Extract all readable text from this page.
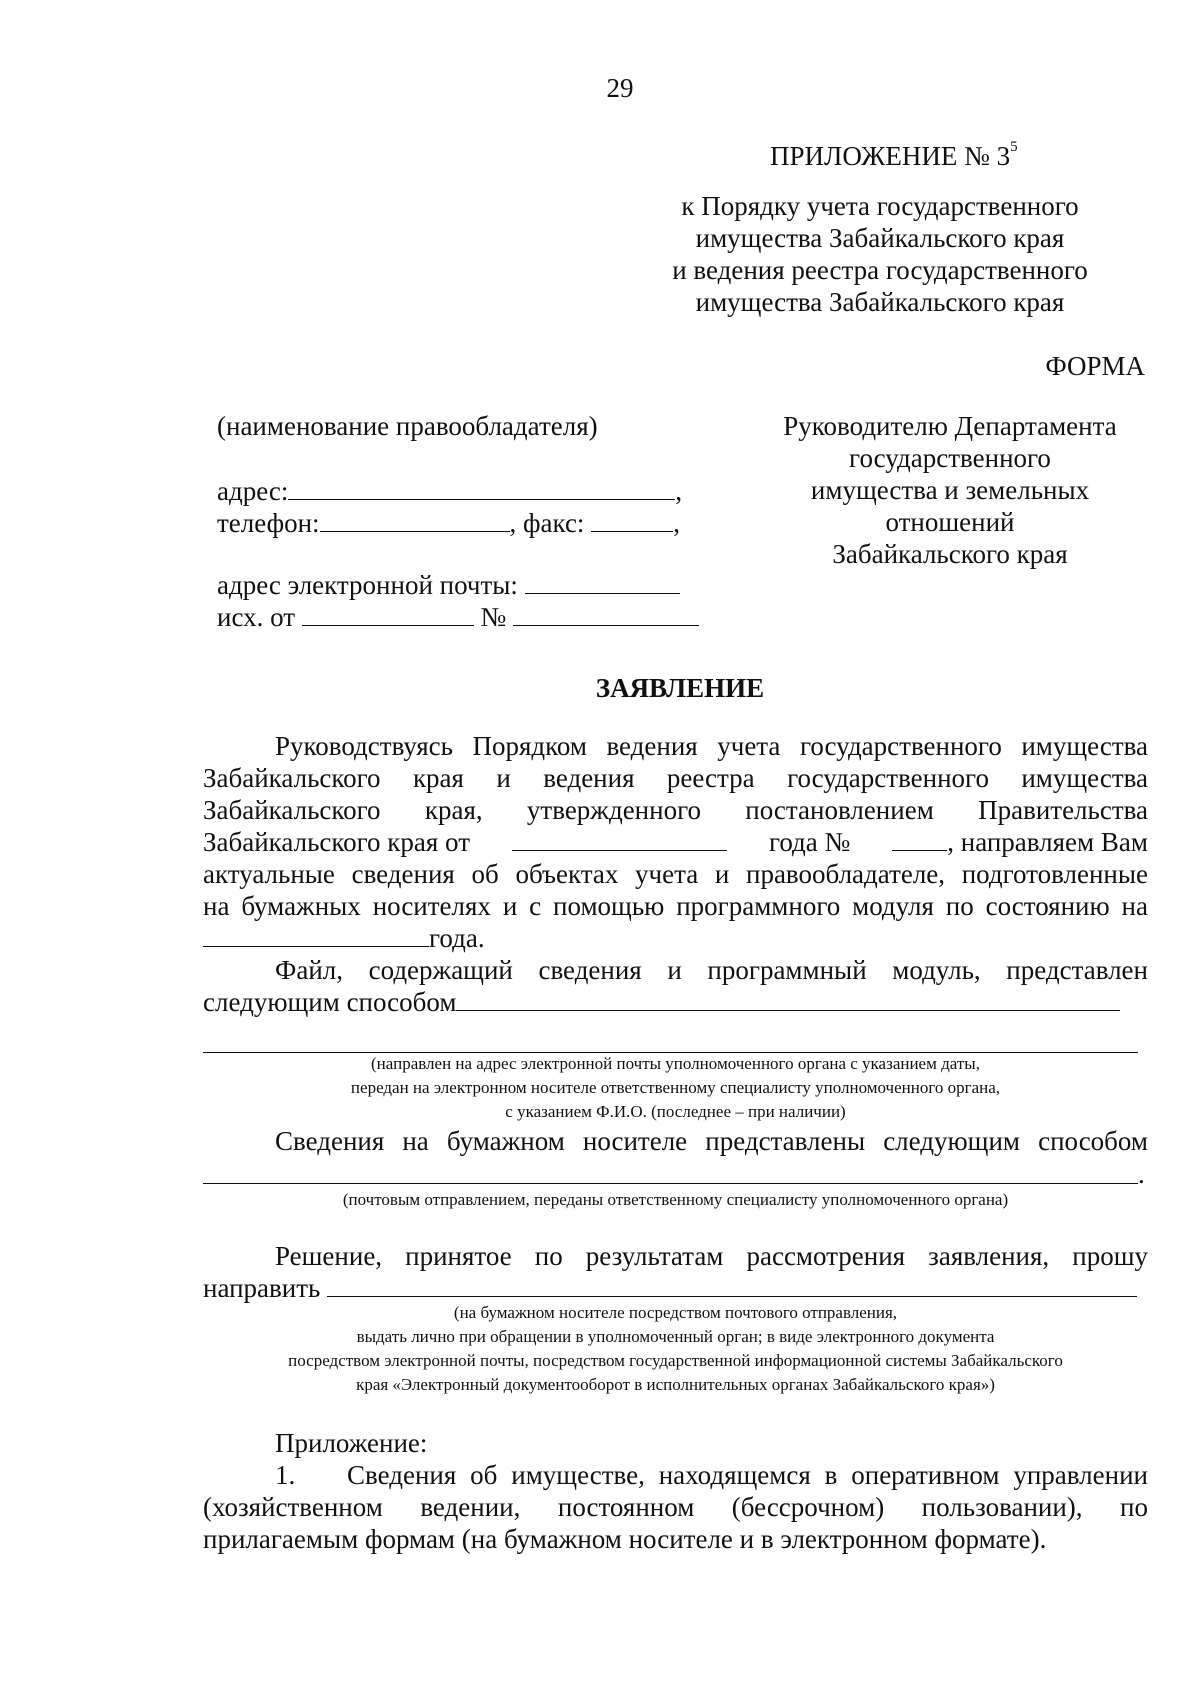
29
ПРИЛОЖЕНИЕ № $3^5$
к Порядку учета государственного
имущества Забайкальского края
и ведения реестра государственного
имущества Забайкальского края
ФОРМА
(наименование правообладателя)
адрес:	,
телефон:	, факс:	,
адрес электронной почты:
исх. от	№
Руководителю Департамента
государственного
имущества и земельных
отношений
Забайкальского края
ЗАЯВЛЕНИЕ
Руководствуясь Порядком ведения учета государственного имущества
Забайкальского края и ведения реестра государственного имущества
Забайкальского края, утвержденного постановлением Правительства
Забайкальского края от	года №	, направляем Вам
актуальные сведения об объектах учета и правообладателе, подготовленные
на бумажных носителях и с помощью программного модуля по состоянию на
года.
Файл, содержащий сведения и программный модуль, представлен
следующим способом
(направлен на адрес электронной почты уполномоченного органа с указанием даты,
передан на электронном носителе ответственному специалисту уполномоченного органа,
с указанием Ф.И.О. (последнее – при наличии)
Сведения на бумажном носителе представлены следующим способом
.
(почтовым отправлением, переданы ответственному специалисту уполномоченного органа)
Решение, принятое по результатам рассмотрения заявления, прошу
направить
(на бумажном носителе посредством почтового отправления,
выдать лично при обращении в уполномоченный орган; в виде электронного документа
посредством электронной почты, посредством государственной информационной системы Забайкальского
края «Электронный документооборот в исполнительных органах Забайкальского края»)
Приложение:
1.	Сведения об имуществе, находящемся в оперативном управлении
(хозяйственном ведении, постоянном (бессрочном) пользовании), по
прилагаемым формам (на бумажном носителе и в электронном формате).
